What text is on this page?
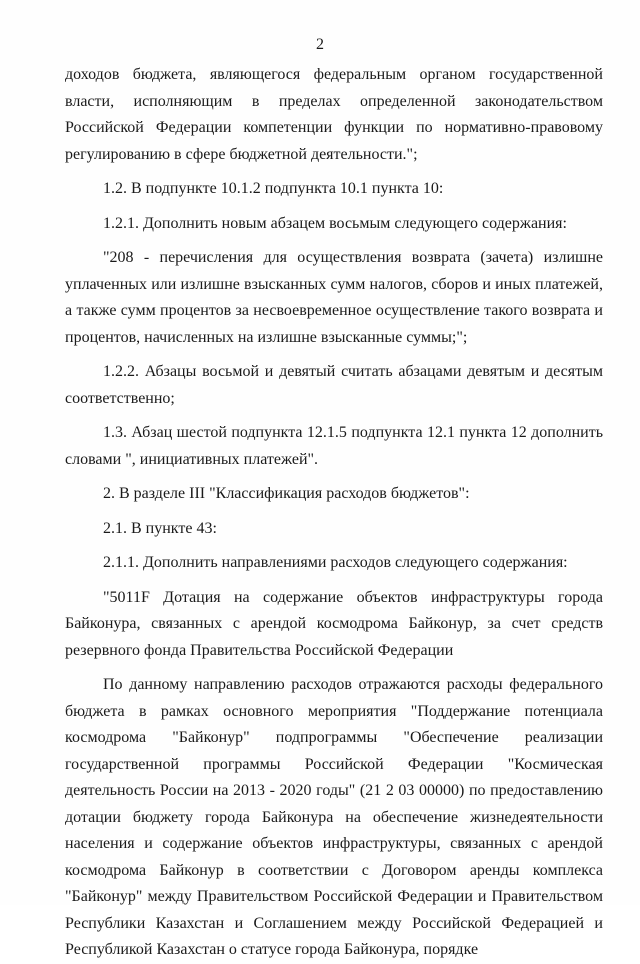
2

доходов бюджета, являющегося федеральным органом государственной власти, исполняющим в пределах определенной законодательством Российской Федерации компетенции функции по нормативно-правовому регулированию в сфере бюджетной деятельности.";

1.2. В подпункте 10.1.2 подпункта 10.1 пункта 10:

1.2.1. Дополнить новым абзацем восьмым следующего содержания:

"208 - перечисления для осуществления возврата (зачета) излишне уплаченных или излишне взысканных сумм налогов, сборов и иных платежей, а также сумм процентов за несвоевременное осуществление такого возврата и процентов, начисленных на излишне взысканные суммы;";

1.2.2. Абзацы восьмой и девятый считать абзацами девятым и десятым соответственно;

1.3. Абзац шестой подпункта 12.1.5 подпункта 12.1 пункта 12 дополнить словами ", инициативных платежей".

2. В разделе III "Классификация расходов бюджетов":

2.1. В пункте 43:

2.1.1. Дополнить направлениями расходов следующего содержания:

"5011F Дотация на содержание объектов инфраструктуры города Байконура, связанных с арендой космодрома Байконур, за счет средств резервного фонда Правительства Российской Федерации

По данному направлению расходов отражаются расходы федерального бюджета в рамках основного мероприятия "Поддержание потенциала космодрома "Байконур" подпрограммы "Обеспечение реализации государственной программы Российской Федерации "Космическая деятельность России на 2013 - 2020 годы" (21 2 03 00000) по предоставлению дотации бюджету города Байконура на обеспечение жизнедеятельности населения и содержание объектов инфраструктуры, связанных с арендой космодрома Байконур в соответствии с Договором аренды комплекса "Байконур" между Правительством Российской Федерации и Правительством Республики Казахстан и Соглашением между Российской Федерацией и Республикой Казахстан о статусе города Байконура, порядке
